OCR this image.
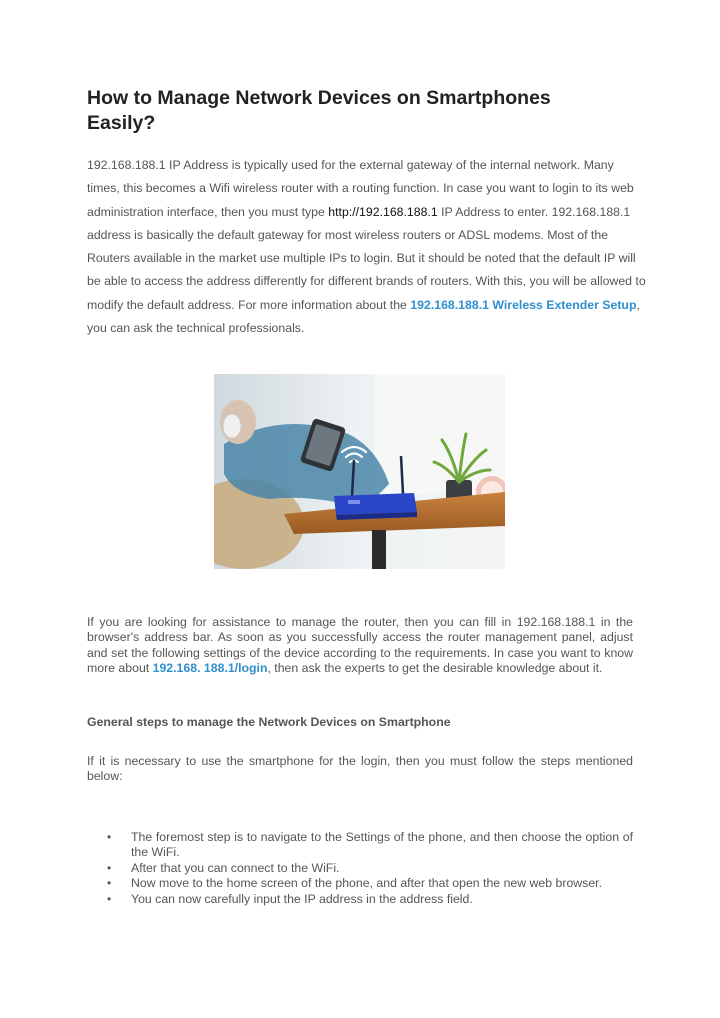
How to Manage Network Devices on Smartphones Easily?

192.168.188.1 IP Address is typically used for the external gateway of the internal network. Many times, this becomes a Wifi wireless router with a routing function. In case you want to login to its web administration interface, then you must type http://192.168.188.1 IP Address to enter. 192.168.188.1 address is basically the default gateway for most wireless routers or ADSL modems. Most of the Routers available in the market use multiple IPs to login. But it should be noted that the default IP will be able to access the address differently for different brands of routers. With this, you will be allowed to modify the default address. For more information about the 192.168.188.1 Wireless Extender Setup, you can ask the technical professionals.

If you are looking for assistance to manage the router, then you can fill in 192.168.188.1 in the browser's address bar. As soon as you successfully access the router management panel, adjust and set the following settings of the device according to the requirements. In case you want to know more about 192.168. 188.1/login, then ask the experts to get the desirable knowledge about it.

General steps to manage the Network Devices on Smartphone

If it is necessary to use the smartphone for the login, then you must follow the steps mentioned below:

• The foremost step is to navigate to the Settings of the phone, and then choose the option of the WiFi.
• After that you can connect to the WiFi.
• Now move to the home screen of the phone, and after that open the new web browser.
• You can now carefully input the IP address in the address field.
